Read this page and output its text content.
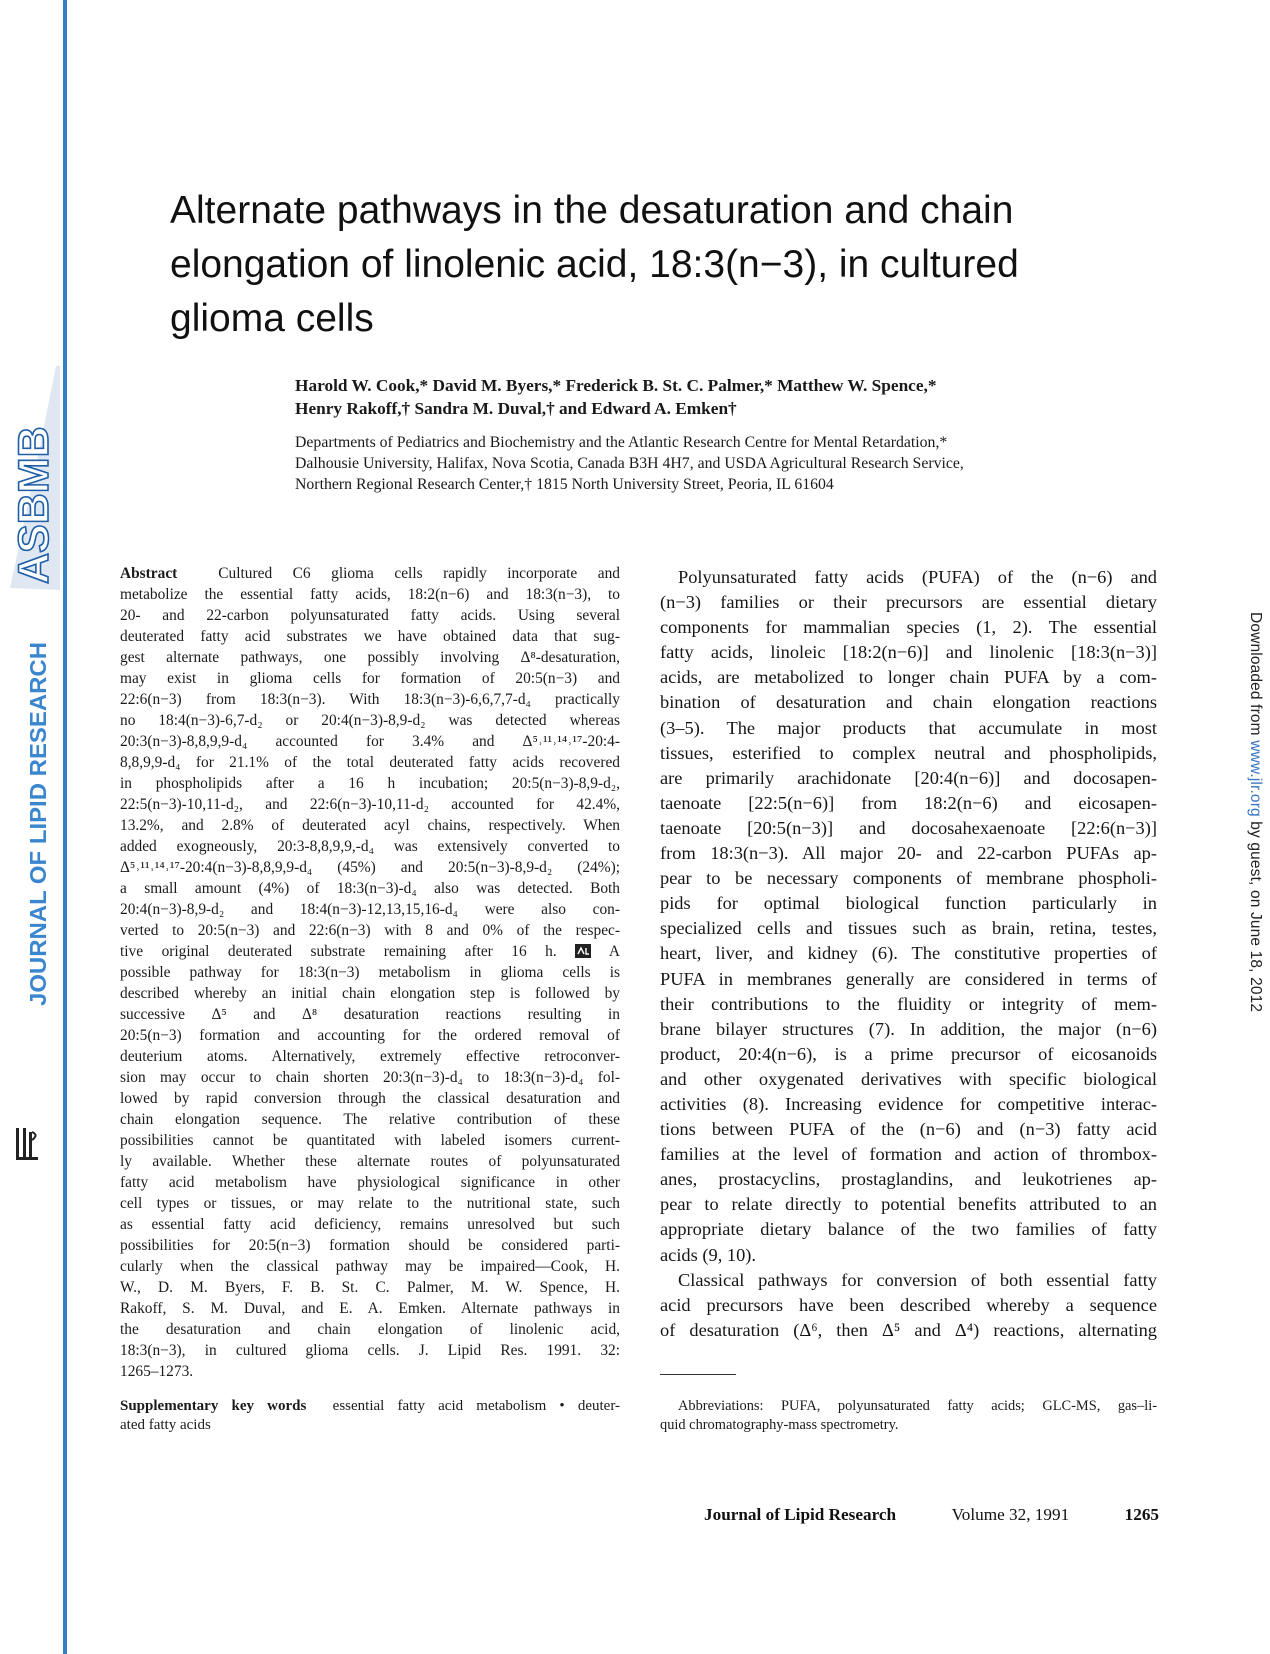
ASBMB
JOURNAL OF LIPID RESEARCH	Downloaded from www.jlr.org by guest, on June 18, 2012
Alternate pathways in the desaturation and chain
elongation of linolenic acid, 18:3(n−3), in cultured
glioma cells
Harold W. Cook,* David M. Byers,* Frederick B. St. C. Palmer,* Matthew W. Spence,*
Henry Rakoff,† Sandra M. Duval,† and Edward A. Emken†
Departments of Pediatrics and Biochemistry and the Atlantic Research Centre for Mental Retardation,*
Dalhousie University, Halifax, Nova Scotia, Canada B3H 4H7, and USDA Agricultural Research Service,
Northern Regional Research Center,† 1815 North University Street, Peoria, IL 61604
Abstract	Cultured C6 glioma cells rapidly incorporate and
metabolize the essential fatty acids, 18:2(n−6) and 18:3(n−3), to
20- and 22-carbon polyunsaturated fatty acids. Using several
deuterated fatty acid substrates we have obtained data that sug-
gest alternate pathways, one possibly involving Δ⁸-desaturation,
may exist in glioma cells for formation of 20:5(n−3) and
22:6(n−3) from 18:3(n−3). With 18:3(n−3)-6,6,7,7-d₄ practically
no 18:4(n−3)-6,7-d₂ or 20:4(n−3)-8,9-d₂ was detected whereas
20:3(n−3)-8,8,9,9-d₄ accounted for 3.4% and Δ⁵˒¹¹˒¹⁴˒¹⁷-20:4-
8,8,9,9-d₄ for 21.1% of the total deuterated fatty acids recovered
in phospholipids after a 16 h incubation; 20:5(n−3)-8,9-d₂,
22:5(n−3)-10,11-d₂, and 22:6(n−3)-10,11-d₂ accounted for 42.4%,
13.2%, and 2.8% of deuterated acyl chains, respectively. When
added exogneously, 20:3-8,8,9,9,-d₄ was extensively converted to
Δ⁵˒¹¹˒¹⁴˒¹⁷-20:4(n−3)-8,8,9,9-d₄ (45%) and 20:5(n−3)-8,9-d₂ (24%);
a small amount (4%) of 18:3(n−3)-d₄ also was detected. Both
20:4(n−3)-8,9-d₂ and 18:4(n−3)-12,13,15,16-d₄ were also con-
verted to 20:5(n−3) and 22:6(n−3) with 8 and 0% of the respec-
tive original deuterated substrate remaining after 16 h.	A
possible pathway for 18:3(n−3) metabolism in glioma cells is
described whereby an initial chain elongation step is followed by
successive Δ⁵ and Δ⁸ desaturation reactions resulting in
20:5(n−3) formation and accounting for the ordered removal of
deuterium atoms. Alternatively, extremely effective retroconver-
sion may occur to chain shorten 20:3(n−3)-d₄ to 18:3(n−3)-d₄ fol-
lowed by rapid conversion through the classical desaturation and
chain elongation sequence. The relative contribution of these
possibilities cannot be quantitated with labeled isomers current-
ly available. Whether these alternate routes of polyunsaturated
fatty acid metabolism have physiological significance in other
cell types or tissues, or may relate to the nutritional state, such
as essential fatty acid deficiency, remains unresolved but such
possibilities for 20:5(n−3) formation should be considered parti-
cularly when the classical pathway may be impaired—Cook, H.
W., D. M. Byers, F. B. St. C. Palmer, M. W. Spence, H.
Rakoff, S. M. Duval, and E. A. Emken. Alternate pathways in
the desaturation and chain elongation of linolenic acid,
18:3(n−3), in cultured glioma cells. J. Lipid Res. 1991. 32:
1265–1273.
Supplementary key words essential fatty acid metabolism • deuter-
ated fatty acids
Polyunsaturated fatty acids (PUFA) of the (n−6) and
(n−3) families or their precursors are essential dietary
components for mammalian species (1, 2). The essential
fatty acids, linoleic [18:2(n−6)] and linolenic [18:3(n−3)]
acids, are metabolized to longer chain PUFA by a com-
bination of desaturation and chain elongation reactions
(3–5). The major products that accumulate in most
tissues, esterified to complex neutral and phospholipids,
are primarily arachidonate [20:4(n−6)] and docosapen-
taenoate [22:5(n−6)] from 18:2(n−6) and eicosapen-
taenoate [20:5(n−3)] and docosahexaenoate [22:6(n−3)]
from 18:3(n−3). All major 20- and 22-carbon PUFAs ap-
pear to be necessary components of membrane phospholi-
pids for optimal biological function particularly in
specialized cells and tissues such as brain, retina, testes,
heart, liver, and kidney (6). The constitutive properties of
PUFA in membranes generally are considered in terms of
their contributions to the fluidity or integrity of mem-
brane bilayer structures (7). In addition, the major (n−6)
product, 20:4(n−6), is a prime precursor of eicosanoids
and other oxygenated derivatives with specific biological
activities (8). Increasing evidence for competitive interac-
tions between PUFA of the (n−6) and (n−3) fatty acid
families at the level of formation and action of thrombox-
anes, prostacyclins, prostaglandins, and leukotrienes ap-
pear to relate directly to potential benefits attributed to an
appropriate dietary balance of the two families of fatty
acids (9, 10).
Classical pathways for conversion of both essential fatty
acid precursors have been described whereby a sequence
of desaturation (Δ⁶, then Δ⁵ and Δ⁴) reactions, alternating
Abbreviations: PUFA, polyunsaturated fatty acids; GLC-MS, gas–li-
quid chromatography-mass spectrometry.
Journal of Lipid Research	Volume 32, 1991	1265
